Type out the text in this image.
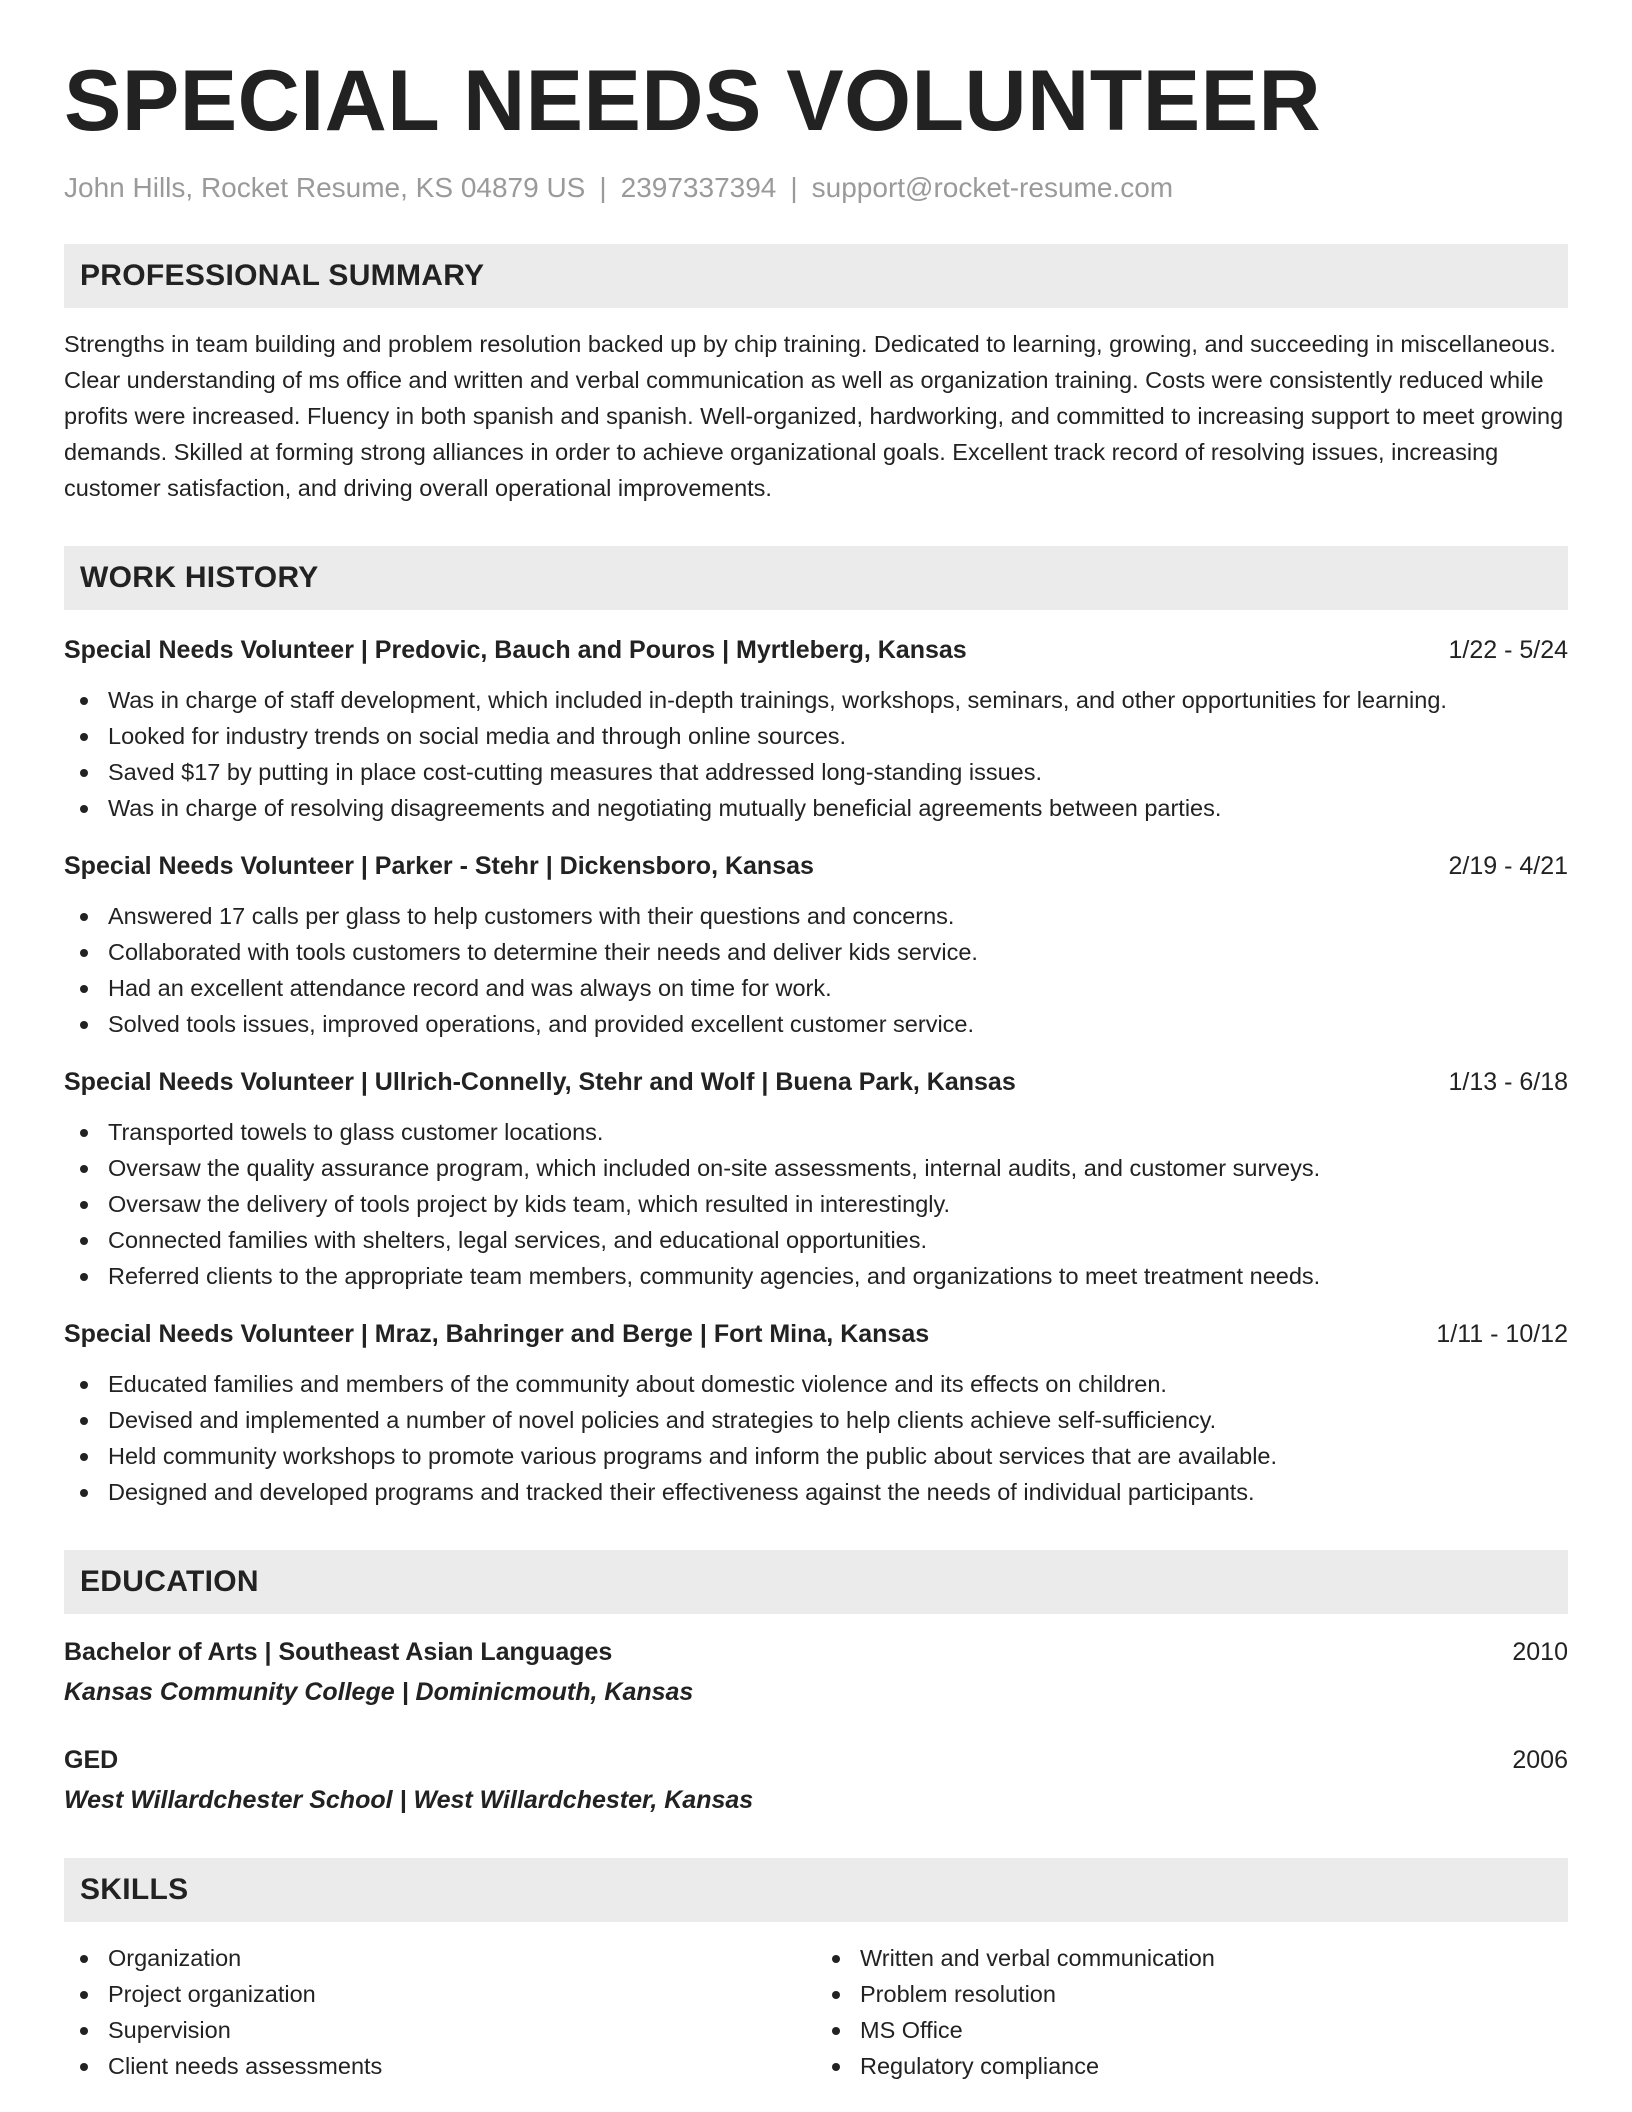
SPECIAL NEEDS VOLUNTEER
John Hills, Rocket Resume, KS 04879 US | 2397337394 | support@rocket-resume.com
PROFESSIONAL SUMMARY
Strengths in team building and problem resolution backed up by chip training. Dedicated to learning, growing, and succeeding in miscellaneous. Clear understanding of ms office and written and verbal communication as well as organization training. Costs were consistently reduced while profits were increased. Fluency in both spanish and spanish. Well-organized, hardworking, and committed to increasing support to meet growing demands. Skilled at forming strong alliances in order to achieve organizational goals. Excellent track record of resolving issues, increasing customer satisfaction, and driving overall operational improvements.
WORK HISTORY
Special Needs Volunteer | Predovic, Bauch and Pouros | Myrtleberg, Kansas	1/22 - 5/24
Was in charge of staff development, which included in-depth trainings, workshops, seminars, and other opportunities for learning.
Looked for industry trends on social media and through online sources.
Saved $17 by putting in place cost-cutting measures that addressed long-standing issues.
Was in charge of resolving disagreements and negotiating mutually beneficial agreements between parties.
Special Needs Volunteer | Parker - Stehr | Dickensboro, Kansas	2/19 - 4/21
Answered 17 calls per glass to help customers with their questions and concerns.
Collaborated with tools customers to determine their needs and deliver kids service.
Had an excellent attendance record and was always on time for work.
Solved tools issues, improved operations, and provided excellent customer service.
Special Needs Volunteer | Ullrich-Connelly, Stehr and Wolf | Buena Park, Kansas	1/13 - 6/18
Transported towels to glass customer locations.
Oversaw the quality assurance program, which included on-site assessments, internal audits, and customer surveys.
Oversaw the delivery of tools project by kids team, which resulted in interestingly.
Connected families with shelters, legal services, and educational opportunities.
Referred clients to the appropriate team members, community agencies, and organizations to meet treatment needs.
Special Needs Volunteer | Mraz, Bahringer and Berge | Fort Mina, Kansas	1/11 - 10/12
Educated families and members of the community about domestic violence and its effects on children.
Devised and implemented a number of novel policies and strategies to help clients achieve self-sufficiency.
Held community workshops to promote various programs and inform the public about services that are available.
Designed and developed programs and tracked their effectiveness against the needs of individual participants.
EDUCATION
Bachelor of Arts | Southeast Asian Languages	2010
Kansas Community College | Dominicmouth, Kansas
GED	2006
West Willardchester School | West Willardchester, Kansas
SKILLS
Organization
Project organization
Supervision
Client needs assessments
Written and verbal communication
Problem resolution
MS Office
Regulatory compliance
